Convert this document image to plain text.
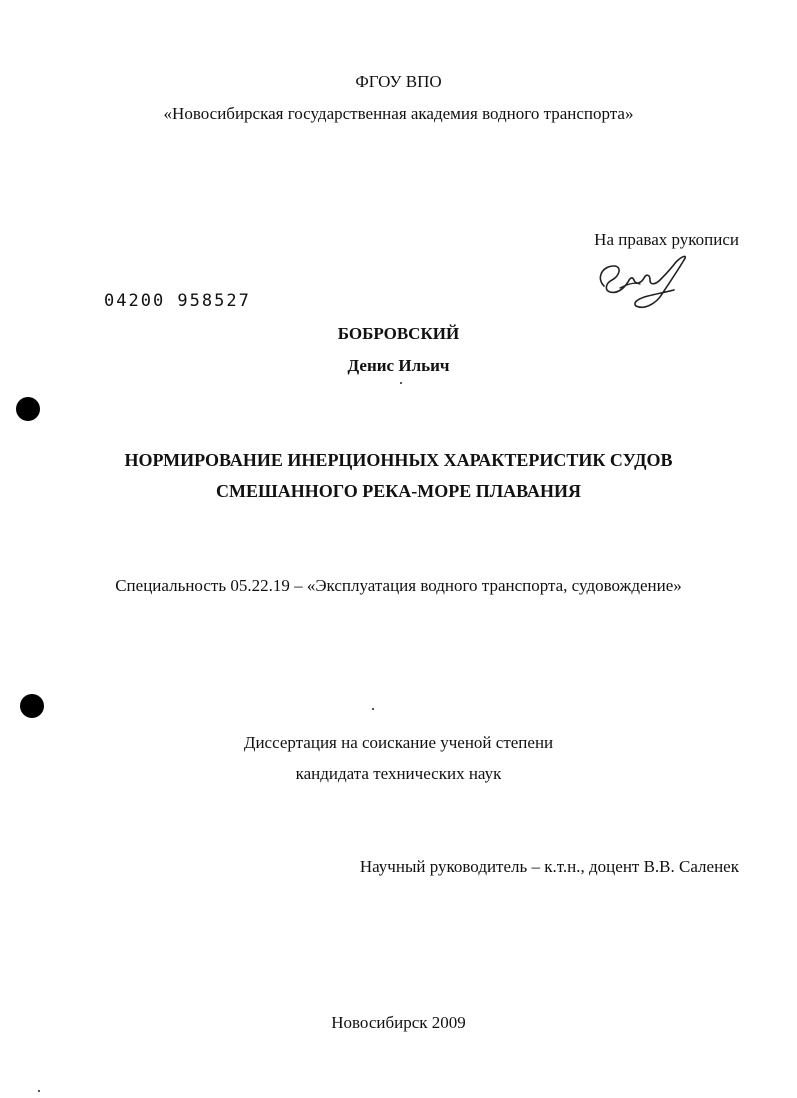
ФГОУ ВПО
«Новосибирская государственная академия водного транспорта»
На правах рукописи
04200 958527
БОБРОВСКИЙ
Денис Ильич
НОРМИРОВАНИЕ ИНЕРЦИОННЫХ ХАРАКТЕРИСТИК СУДОВ
СМЕШАННОГО РЕКА-МОРЕ ПЛАВАНИЯ
Специальность 05.22.19 – «Эксплуатация водного транспорта, судовождение»
Диссертация на соискание ученой степени
кандидата технических наук
Научный руководитель – к.т.н., доцент В.В. Саленек
Новосибирск 2009
